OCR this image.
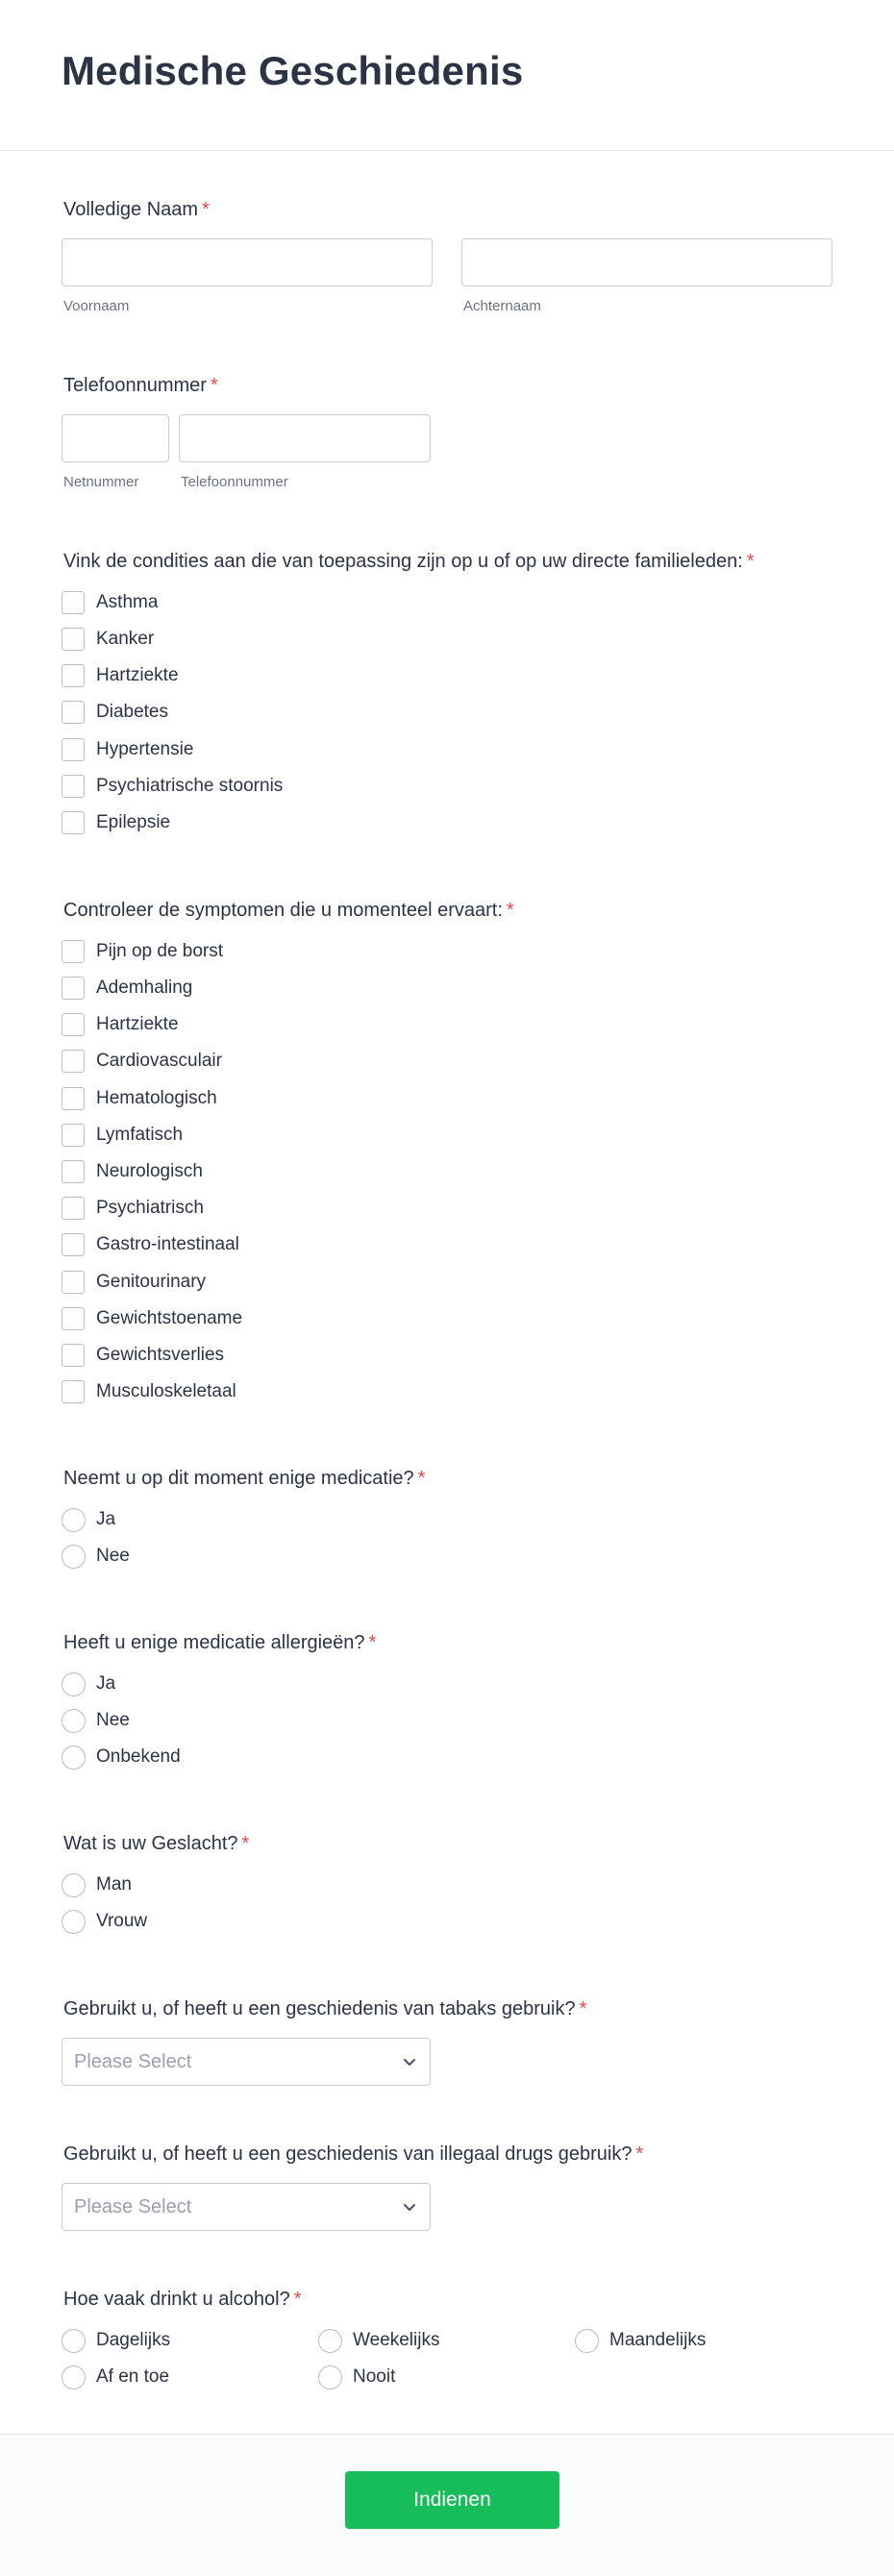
Medische Geschiedenis
Volledige Naam *
Voornaam	Achternaam
Telefoonnummer *
Netnummer	Telefoonnummer
Vink de condities aan die van toepassing zijn op u of op uw directe familieleden: *
Asthma
Kanker
Hartziekte
Diabetes
Hypertensie
Psychiatrische stoornis
Epilepsie
Controleer de symptomen die u momenteel ervaart: *
Pijn op de borst
Ademhaling
Hartziekte
Cardiovasculair
Hematologisch
Lymfatisch
Neurologisch
Psychiatrisch
Gastro-intestinaal
Genitourinary
Gewichtstoename
Gewichtsverlies
Musculoskeletaal
Neemt u op dit moment enige medicatie? *
Ja
Nee
Heeft u enige medicatie allergieën? *
Ja
Nee
Onbekend
Wat is uw Geslacht? *
Man
Vrouw
Gebruikt u, of heeft u een geschiedenis van tabaks gebruik? *
Please Select
Gebruikt u, of heeft u een geschiedenis van illegaal drugs gebruik? *
Please Select
Hoe vaak drinkt u alcohol? *
Dagelijks	Weekelijks	Maandelijks
Af en toe	Nooit
Indienen
